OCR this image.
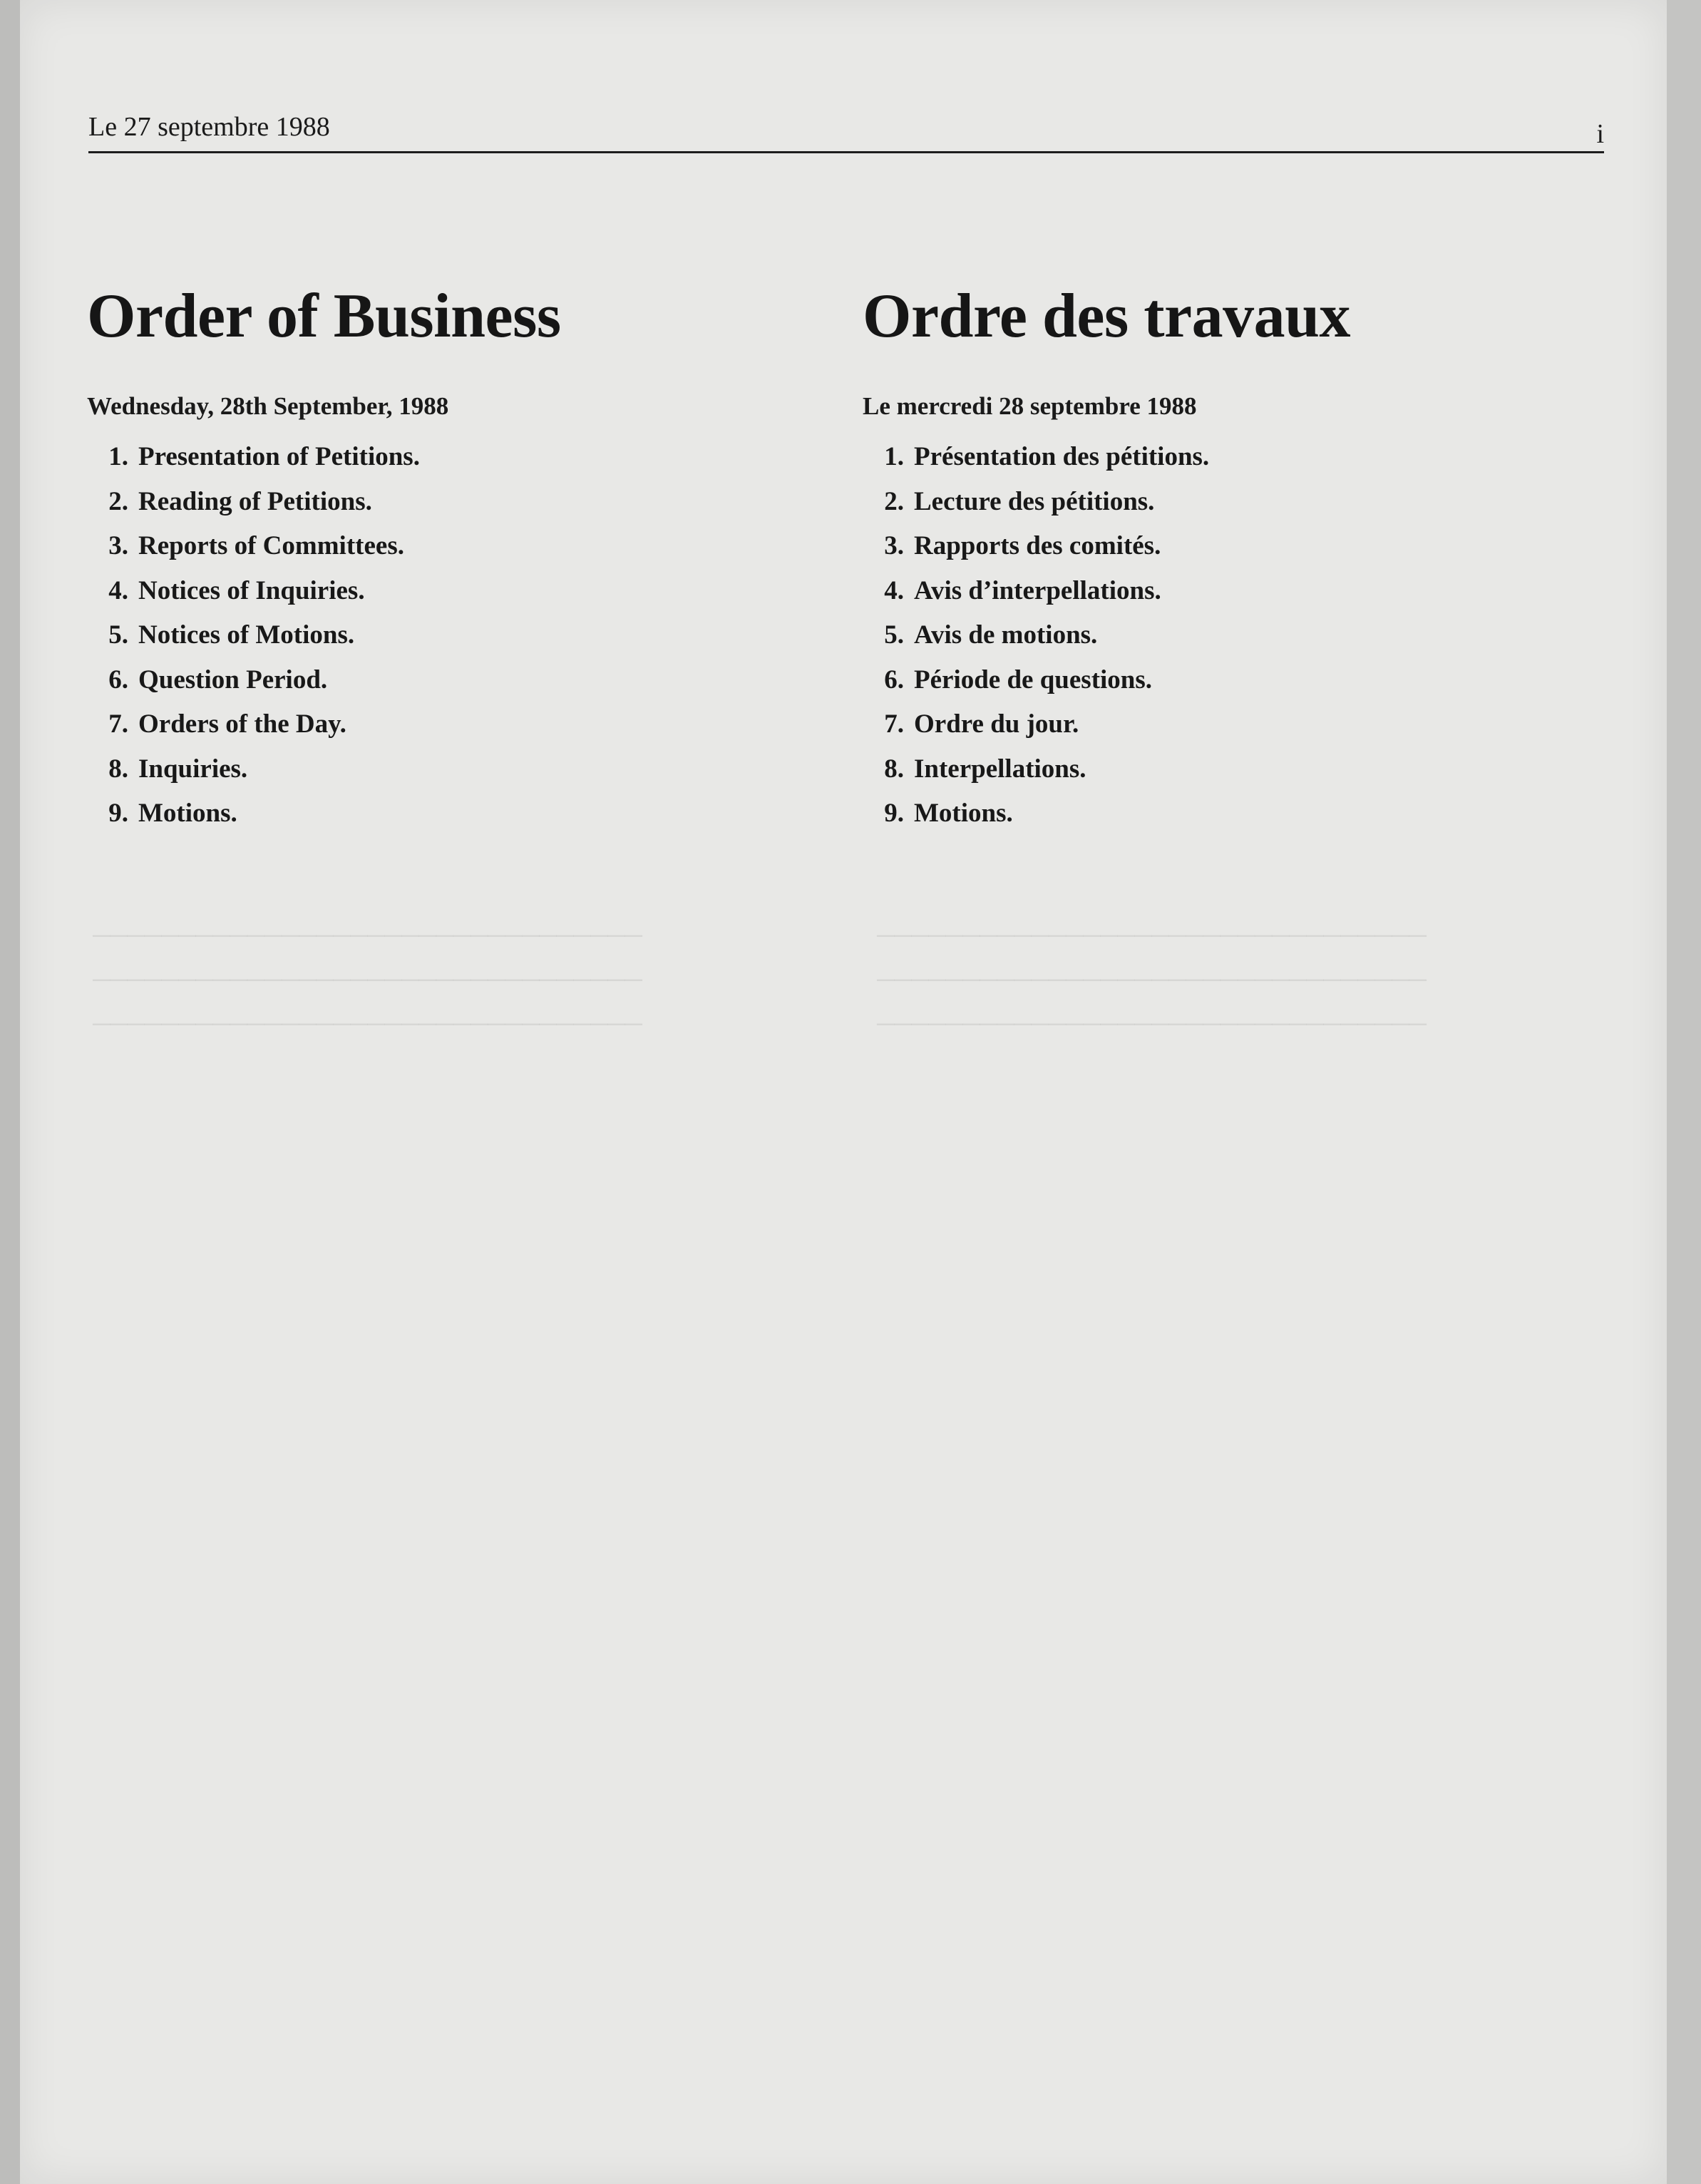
────────────────────────────────
────────────────────────────────
────────────────────────────────

────────────────────────────────
────────────────────────────────
────────────────────────────────

Le 27 septembre 1988	i
Order of Business
Wednesday, 28th September, 1988
1. Presentation of Petitions.
2. Reading of Petitions.
3. Reports of Committees.
4. Notices of Inquiries.
5. Notices of Motions.
6. Question Period.
7. Orders of the Day.
8. Inquiries.
9. Motions.
Ordre des travaux
Le mercredi 28 septembre 1988
1. Présentation des pétitions.
2. Lecture des pétitions.
3. Rapports des comités.
4. Avis d’interpellations.
5. Avis de motions.
6. Période de questions.
7. Ordre du jour.
8. Interpellations.
9. Motions.
